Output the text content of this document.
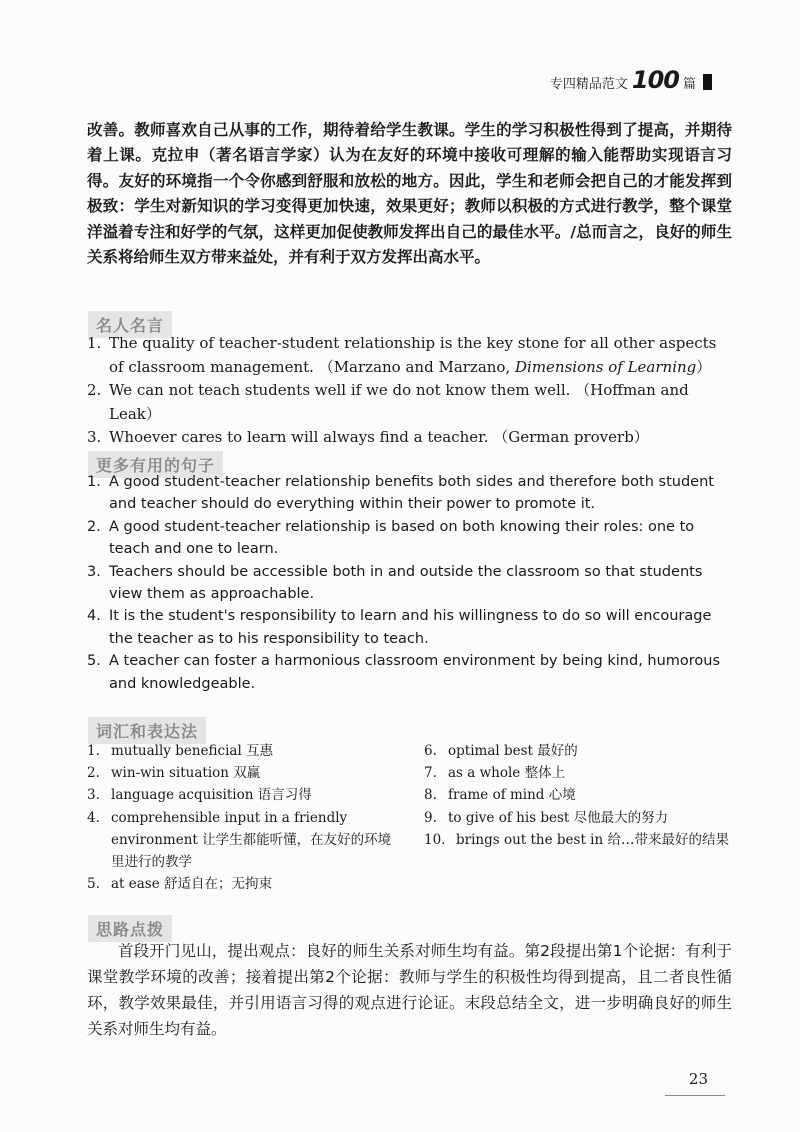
专四精品范文 100 篇
改善。教师喜欢自己从事的工作，期待着给学生教课。学生的学习积极性得到了提高，并期待着上课。克拉申（著名语言学家）认为在友好的环境中接收可理解的输入能帮助实现语言习得。友好的环境指一个令你感到舒服和放松的地方。因此，学生和老师会把自己的才能发挥到极致：学生对新知识的学习变得更加快速，效果更好；教师以积极的方式进行教学，整个课堂洋溢着专注和好学的气氛，这样更加促使教师发挥出自己的最佳水平。/总而言之，良好的师生关系将给师生双方带来益处，并有利于双方发挥出高水平。
名人名言
1. The quality of teacher-student relationship is the key stone for all other aspects of classroom management. （Marzano and Marzano, Dimensions of Learning）
2. We can not teach students well if we do not know them well. （Hoffman and Leak）
3. Whoever cares to learn will always find a teacher. （German proverb）
更多有用的句子
1. A good student-teacher relationship benefits both sides and therefore both student and teacher should do everything within their power to promote it.
2. A good student-teacher relationship is based on both knowing their roles: one to teach and one to learn.
3. Teachers should be accessible both in and outside the classroom so that students view them as approachable.
4. It is the student's responsibility to learn and his willingness to do so will encourage the teacher as to his responsibility to teach.
5. A teacher can foster a harmonious classroom environment by being kind, humorous and knowledgeable.
词汇和表达法
1. mutually beneficial 互惠
2. win-win situation 双赢
3. language acquisition 语言习得
4. comprehensible input in a friendly environment 让学生都能听懂，在友好的环境里进行的教学
5. at ease 舒适自在；无拘束
6. optimal best 最好的
7. as a whole 整体上
8. frame of mind 心境
9. to give of his best 尽他最大的努力
10. brings out the best in 给…带来最好的结果
思路点拨
首段开门见山，提出观点：良好的师生关系对师生均有益。第2段提出第1个论据：有利于课堂教学环境的改善；接着提出第2个论据：教师与学生的积极性均得到提高，且二者良性循环，教学效果最佳，并引用语言习得的观点进行论证。末段总结全文，进一步明确良好的师生关系对师生均有益。
23
